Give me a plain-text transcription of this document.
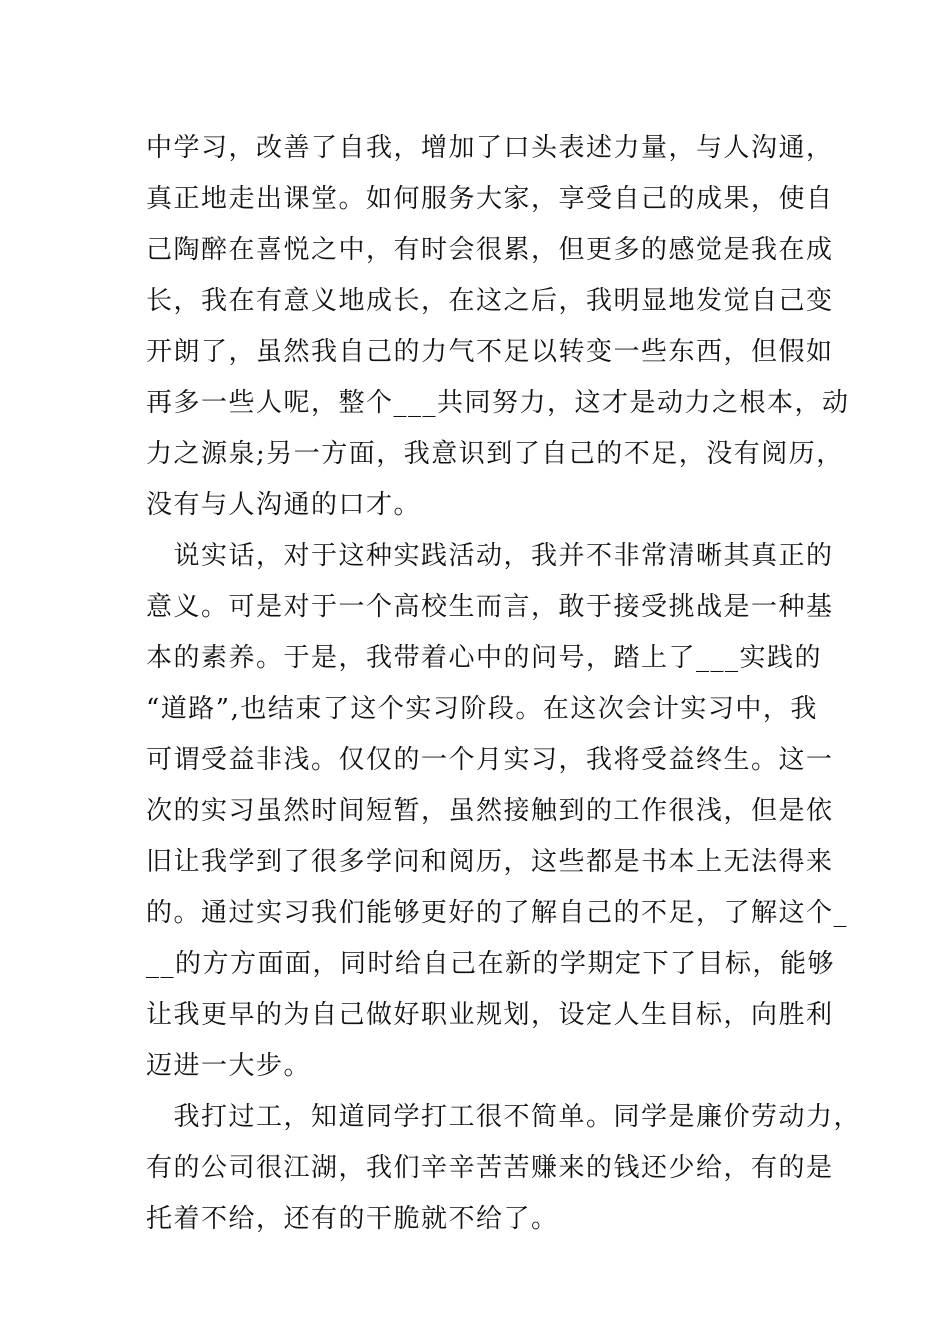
中学习，改善了自我，增加了口头表述力量，与人沟通，
真正地走出课堂。如何服务大家，享受自己的成果，使自
己陶醉在喜悦之中，有时会很累，但更多的感觉是我在成
长，我在有意义地成长，在这之后，我明显地发觉自己变
开朗了，虽然我自己的力气不足以转变一些东西，但假如
再多一些人呢，整个___共同努力，这才是动力之根本，动
力之源泉;另一方面，我意识到了自己的不足，没有阅历，
没有与人沟通的口才。
　说实话，对于这种实践活动，我并不非常清晰其真正的
意义。可是对于一个高校生而言，敢于接受挑战是一种基
本的素养。于是，我带着心中的问号，踏上了___实践的
“道路”,也结束了这个实习阶段。在这次会计实习中，我
可谓受益非浅。仅仅的一个月实习，我将受益终生。这一
次的实习虽然时间短暂，虽然接触到的工作很浅，但是依
旧让我学到了很多学问和阅历，这些都是书本上无法得来
的。通过实习我们能够更好的了解自己的不足，了解这个_
__的方方面面，同时给自己在新的学期定下了目标，能够
让我更早的为自己做好职业规划，设定人生目标，向胜利
迈进一大步。
　我打过工，知道同学打工很不简单。同学是廉价劳动力，
有的公司很江湖，我们辛辛苦苦赚来的钱还少给，有的是
托着不给，还有的干脆就不给了。
